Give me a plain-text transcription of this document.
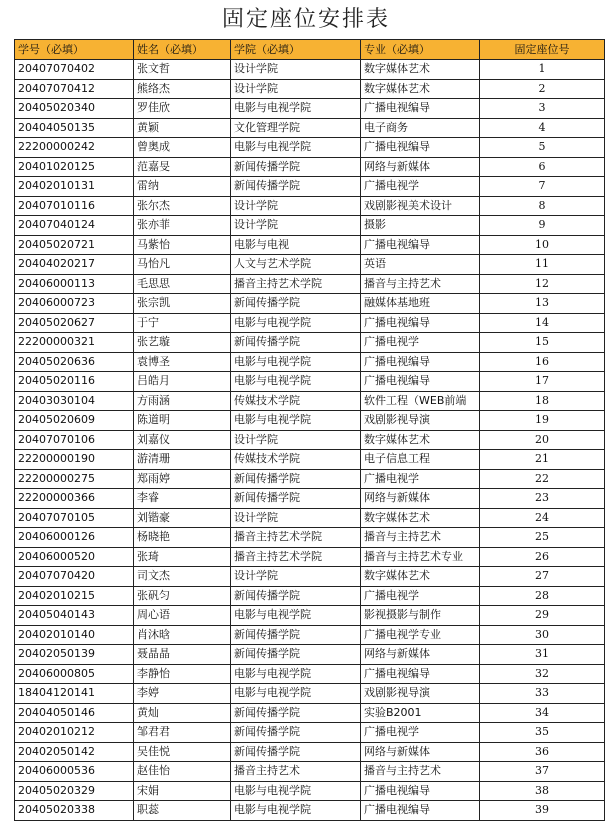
固定座位安排表
学号（必填）	姓名（必填）	学院（必填）	专业（必填）	固定座位号
20407070402	张文哲	设计学院	数字媒体艺术	1
20407070412	熊络杰	设计学院	数字媒体艺术	2
20405020340	罗佳欣	电影与电视学院	广播电视编导	3
20404050135	黄颖	文化管理学院	电子商务	4
22200000242	曾奥成	电影与电视学院	广播电视编导	5
20401020125	范嘉旻	新闻传播学院	网络与新媒体	6
20402010131	雷纳	新闻传播学院	广播电视学	7
20407010116	张尔杰	设计学院	戏剧影视美术设计	8
20407040124	张亦菲	设计学院	摄影	9
20405020721	马紫怡	电影与电视	广播电视编导	10
20404020217	马怡凡	人文与艺术学院	英语	11
20406000113	毛思思	播音主持艺术学院	播音与主持艺术	12
20406000723	张宗凯	新闻传播学院	融媒体基地班	13
20405020627	于宁	电影与电视学院	广播电视编导	14
22200000321	张艺璇	新闻传播学院	广播电视学	15
20405020636	袁博圣	电影与电视学院	广播电视编导	16
20405020116	吕皓月	电影与电视学院	广播电视编导	17
20403030104	方雨涵	传媒技术学院	软件工程（WEB前端	18
20405020609	陈道明	电影与电视学院	戏剧影视导演	19
20407070106	刘嘉仪	设计学院	数字媒体艺术	20
22200000190	游清珊	传媒技术学院	电子信息工程	21
22200000275	郑雨婷	新闻传播学院	广播电视学	22
22200000366	李睿	新闻传播学院	网络与新媒体	23
20407070105	刘锴豪	设计学院	数字媒体艺术	24
20406000126	杨晓艳	播音主持艺术学院	播音与主持艺术	25
20406000520	张琦	播音主持艺术学院	播音与主持艺术专业	26
20407070420	司文杰	设计学院	数字媒体艺术	27
20402010215	张矾匀	新闻传播学院	广播电视学	28
20405040143	周心语	电影与电视学院	影视摄影与制作	29
20402010140	肖沐晗	新闻传播学院	广播电视学专业	30
20402050139	聂晶晶	新闻传播学院	网络与新媒体	31
20406000805	李静怡	电影与电视学院	广播电视编导	32
18404120141	李婷	电影与电视学院	戏剧影视导演	33
20404050146	黄灿	新闻传播学院	实验B2001	34
20402010212	邹君君	新闻传播学院	广播电视学	35
20402050142	吴佳悦	新闻传播学院	网络与新媒体	36
20406000536	赵佳怡	播音主持艺术	播音与主持艺术	37
20405020329	宋娟	电影与电视学院	广播电视编导	38
20405020338	职蕊	电影与电视学院	广播电视编导	39
